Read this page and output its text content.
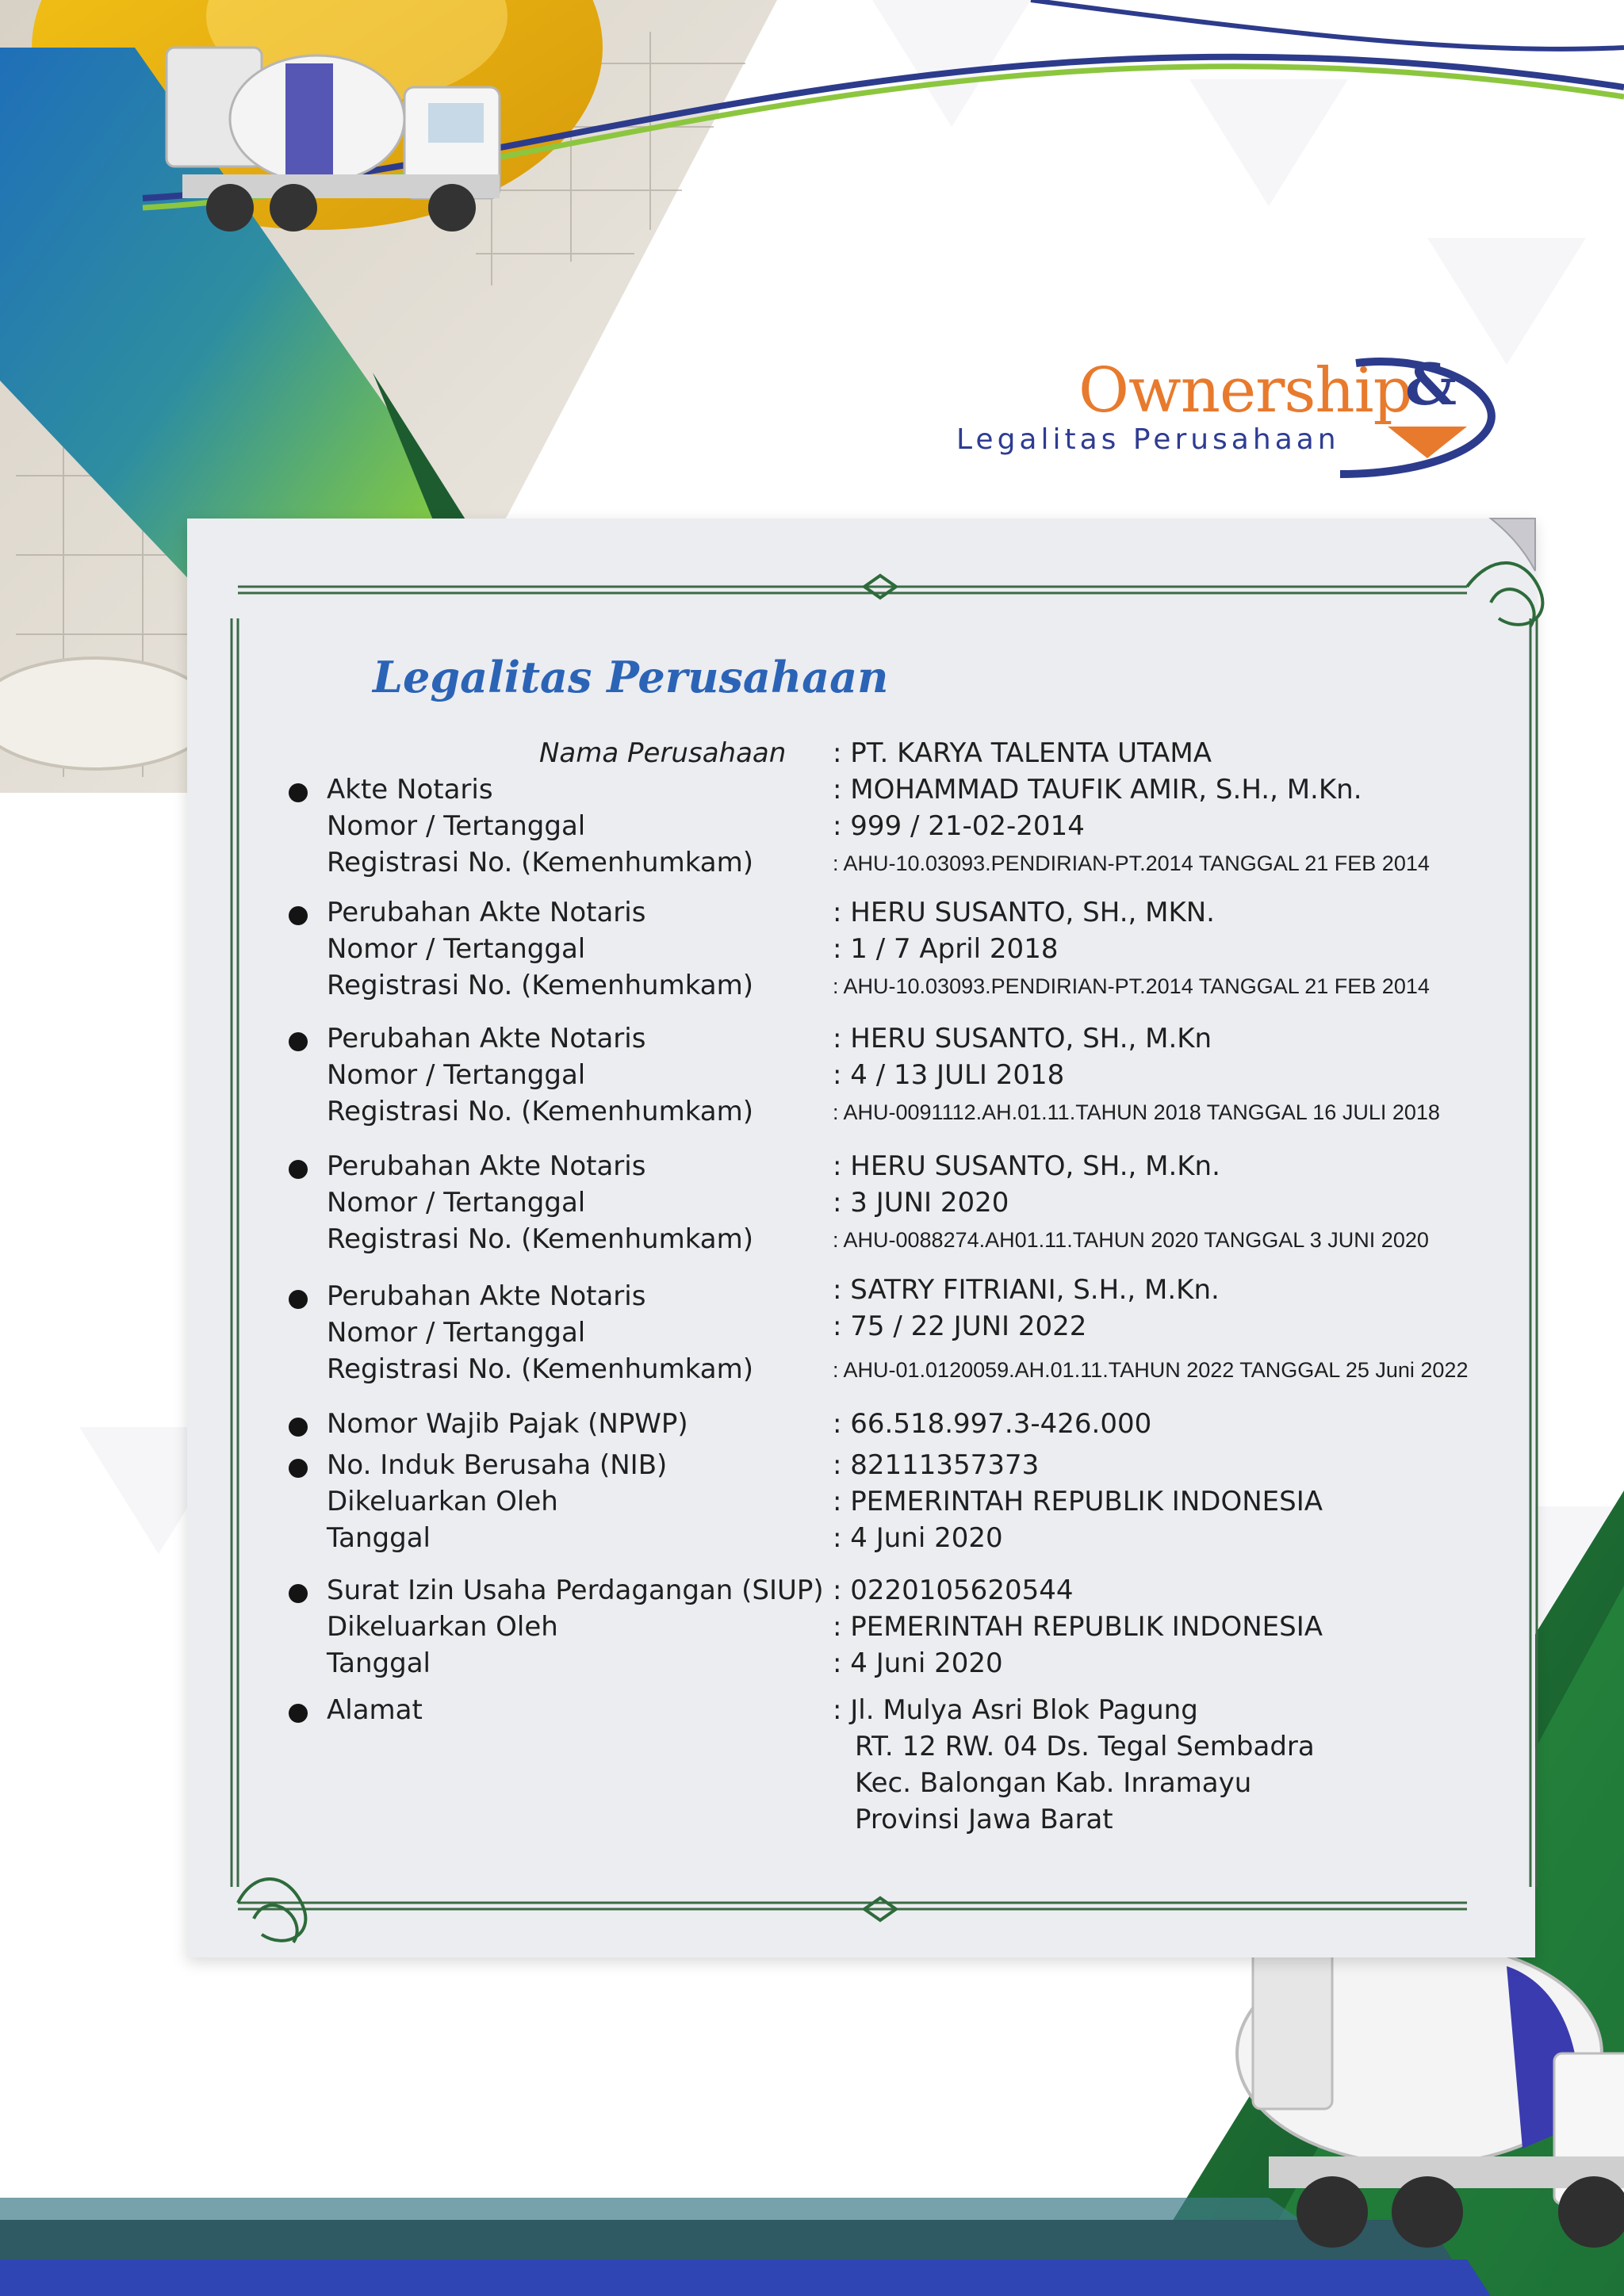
Ownership
&
Legalitas Perusahaan
Legalitas Perusahaan
Nama Perusahaan : PT. KARYA TALENTA UTAMA
Akte Notaris	: MOHAMMAD TAUFIK AMIR, S.H., M.Kn.
Nomor / Tertanggal	: 999 / 21-02-2014
Registrasi No. (Kemenhumkam)	: AHU-10.03093.PENDIRIAN-PT.2014 TANGGAL 21 FEB 2014
Perubahan Akte Notaris	: HERU SUSANTO, SH., MKN.
Nomor / Tertanggal	: 1 / 7 April 2018
Registrasi No. (Kemenhumkam)	: AHU-10.03093.PENDIRIAN-PT.2014 TANGGAL 21 FEB 2014
Perubahan Akte Notaris	: HERU SUSANTO, SH., M.Kn
Nomor / Tertanggal	: 4 / 13 JULI 2018
Registrasi No. (Kemenhumkam)	: AHU-0091112.AH.01.11.TAHUN 2018 TANGGAL 16 JULI 2018
Perubahan Akte Notaris	: HERU SUSANTO, SH., M.Kn.
Nomor / Tertanggal	: 3 JUNI 2020
Registrasi No. (Kemenhumkam)	: AHU-0088274.AH01.11.TAHUN 2020 TANGGAL 3 JUNI 2020
Perubahan Akte Notaris	: SATRY FITRIANI, S.H., M.Kn.
Nomor / Tertanggal	: 75 / 22 JUNI 2022
Registrasi No. (Kemenhumkam)	: AHU-01.0120059.AH.01.11.TAHUN 2022 TANGGAL 25 Juni 2022
Nomor Wajib Pajak (NPWP)	: 66.518.997.3-426.000
No. Induk Berusaha (NIB)	: 82111357373
Dikeluarkan Oleh	: PEMERINTAH REPUBLIK INDONESIA
Tanggal	: 4 Juni 2020
Surat Izin Usaha Perdagangan (SIUP) : 0220105620544
Dikeluarkan Oleh	: PEMERINTAH REPUBLIK INDONESIA
Tanggal	: 4 Juni 2020
Alamat	: Jl. Mulya Asri Blok Pagung
RT. 12 RW. 04 Ds. Tegal Sembadra
Kec. Balongan Kab. Inramayu
Provinsi Jawa Barat
